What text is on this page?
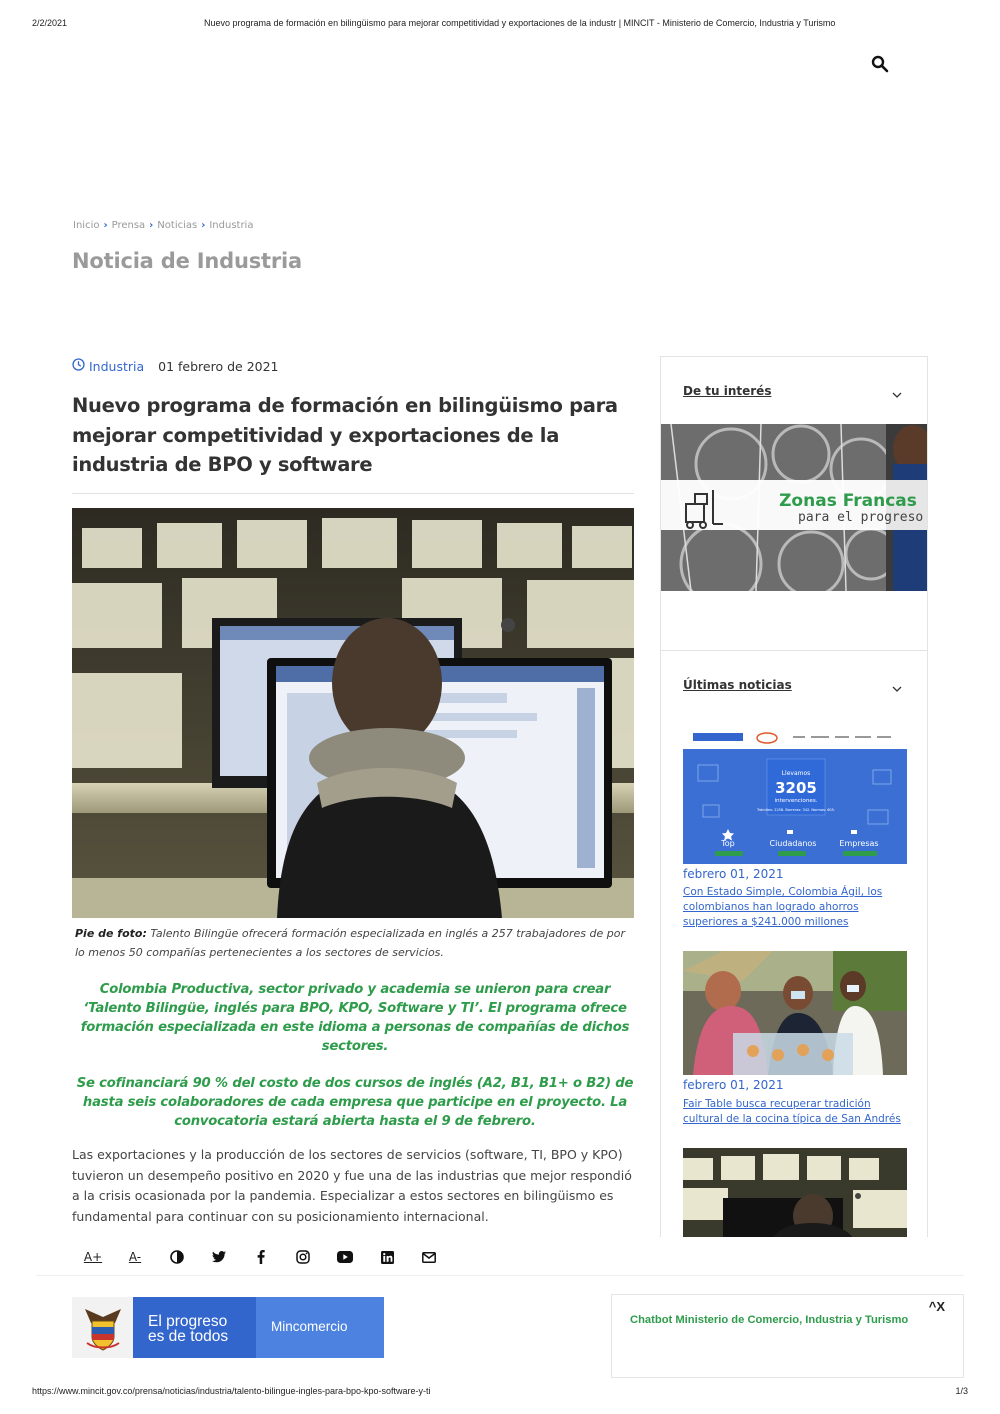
2/2/2021	Nuevo programa de formación en bilingüismo para mejorar competitividad y exportaciones de la industr | MINCIT - Ministerio de Comercio, Industria y Turismo
Inicio › Prensa › Noticias › Industria
Noticia de Industria
Industria 01 febrero de 2021
Nuevo programa de formación en bilingüismo para mejorar competitividad y exportaciones de la industria de BPO y software

Pie de foto: Talento Bilingüe ofrecerá formación especializada en inglés a 257 trabajadores de por lo menos 50 compañías pertenecientes a los sectores de servicios.

Colombia Productiva, sector privado y academia se unieron para crear ‘Talento Bilingüe, inglés para BPO, KPO, Software y TI’. El programa ofrece formación especializada en este idioma a personas de compañías de dichos sectores.

Se cofinanciará 90 % del costo de dos cursos de inglés (A2, B1, B1+ o B2) de hasta seis colaboradores de cada empresa que participe en el proyecto. La convocatoria estará abierta hasta el 9 de febrero.

Las exportaciones y la producción de los sectores de servicios (software, TI, BPO y KPO) tuvieron un desempeño positivo en 2020 y fue una de las industrias que mejor respondió a la crisis ocasionada por la pandemia. Especializar a estos sectores en bilingüismo es fundamental para continuar con su posicionamiento internacional.

A+	A-
De tu interés
Zonas Francas
para el progreso
Últimas noticias
Llevamos
3205
intervenciones.
Trámites: 2258. Barreras: 342. Normas: 605.
Top	Ciudadanos	Empresas
febrero 01, 2021
Con Estado Simple, Colombia Ágil, los colombianos han logrado ahorros superiores a $241.000 millones
febrero 01, 2021
Fair Table busca recuperar tradición cultural de la cocina típica de San Andrés
El progreso
es de todos
Mincomercio
^X
Chatbot Ministerio de Comercio, Industria y Turismo
https://www.mincit.gov.co/prensa/noticias/industria/talento-bilingue-ingles-para-bpo-kpo-software-y-ti	1/3
